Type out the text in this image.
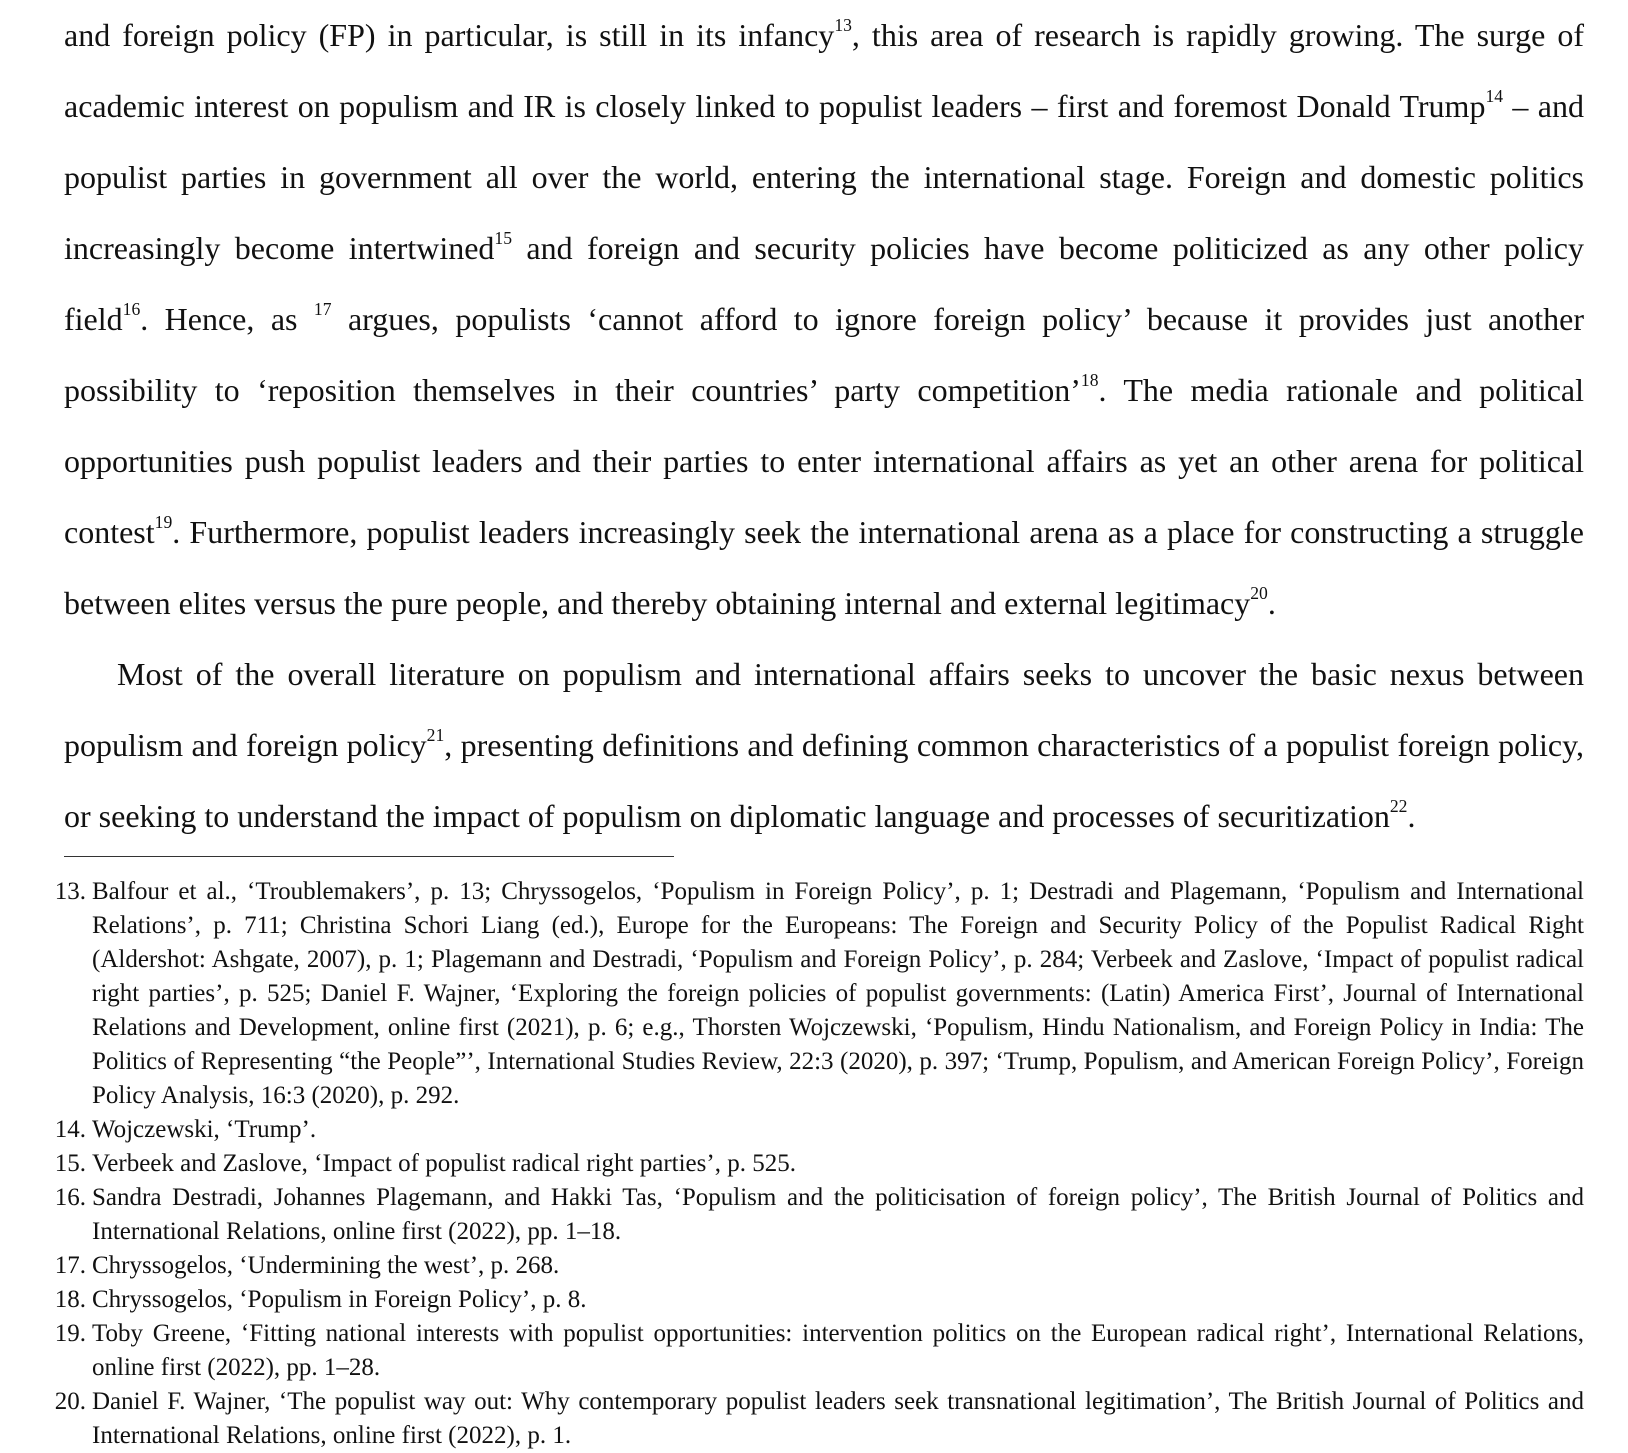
and foreign policy (FP) in particular, is still in its infancy$^{13}$, this area of research is rapidly growing. The surge of academic interest on populism and IR is closely linked to populist leaders – first and foremost Donald Trump$^{14}$ – and populist parties in government all over the world, entering the international stage. Foreign and domestic politics increasingly become intertwined$^{15}$ and foreign and security policies have become politicized as any other policy field$^{16}$. Hence, as $^{17}$ argues, populists ‘cannot afford to ignore foreign policy’ because it provides just another possibility to ‘reposition themselves in their countries’ party competition’$^{18}$. The media rationale and political opportunities push populist leaders and their parties to enter international affairs as yet an other arena for political contest$^{19}$. Furthermore, populist leaders increasingly seek the international arena as a place for constructing a struggle between elites versus the pure people, and thereby obtaining internal and external legitimacy$^{20}$.

Most of the overall literature on populism and international affairs seeks to uncover the basic nexus between populism and foreign policy$^{21}$, presenting definitions and defining common characteristics of a populist foreign policy, or seeking to understand the impact of populism on diplomatic language and processes of securitization$^{22}$.

13. Balfour et al., ‘Troublemakers’, p. 13; Chryssogelos, ‘Populism in Foreign Policy’, p. 1; Destradi and Plagemann, ‘Populism and International Relations’, p. 711; Christina Schori Liang (ed.), Europe for the Europeans: The Foreign and Security Policy of the Populist Radical Right (Aldershot: Ashgate, 2007), p. 1; Plagemann and Destradi, ‘Populism and Foreign Policy’, p. 284; Verbeek and Zaslove, ‘Impact of populist radical right parties’, p. 525; Daniel F. Wajner, ‘Exploring the foreign policies of populist governments: (Latin) America First’, Journal of International Relations and Development, online first (2021), p. 6; e.g., Thorsten Wojczewski, ‘Populism, Hindu Nationalism, and Foreign Policy in India: The Politics of Representing “the People”’, International Studies Review, 22:3 (2020), p. 397; ‘Trump, Populism, and American Foreign Policy’, Foreign Policy Analysis, 16:3 (2020), p. 292.
14. Wojczewski, ‘Trump’.
15. Verbeek and Zaslove, ‘Impact of populist radical right parties’, p. 525.
16. Sandra Destradi, Johannes Plagemann, and Hakki Tas, ‘Populism and the politicisation of foreign policy’, The British Journal of Politics and International Relations, online first (2022), pp. 1–18.
17. Chryssogelos, ‘Undermining the west’, p. 268.
18. Chryssogelos, ‘Populism in Foreign Policy’, p. 8.
19. Toby Greene, ‘Fitting national interests with populist opportunities: intervention politics on the European radical right’, International Relations, online first (2022), pp. 1–28.
20. Daniel F. Wajner, ‘The populist way out: Why contemporary populist leaders seek transnational legitimation’, The British Journal of Politics and International Relations, online first (2022), p. 1.
